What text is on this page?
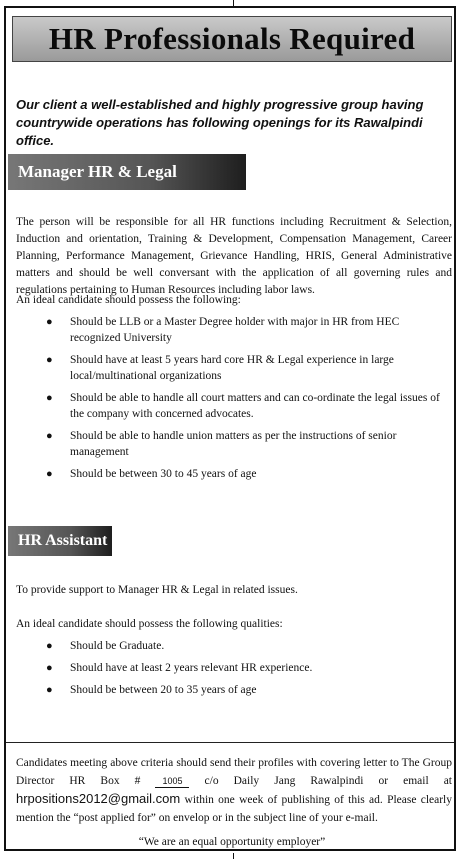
HR Professionals Required
Our client a well-established and highly progressive group having countrywide operations has following openings for its Rawalpindi office.
Manager HR & Legal
The person will be responsible for all HR functions including Recruitment & Selection, Induction and orientation, Training & Development, Compensation Management, Career Planning, Performance Management, Grievance Handling, HRIS, General Administrative matters and should be well conversant with the application of all governing rules and regulations pertaining to Human Resources including labor laws.
An ideal candidate should possess the following:
● Should be LLB or a Master Degree holder with major in HR from HEC recognized University
● Should have at least 5 years hard core HR & Legal experience in large local/multinational organizations
● Should be able to handle all court matters and can co-ordinate the legal issues of the company with concerned advocates.
● Should be able to handle union matters as per the instructions of senior management
● Should be between 30 to 45 years of age
HR Assistant
To provide support to Manager HR & Legal in related issues.
An ideal candidate should possess the following qualities:
● Should be Graduate.
● Should have at least 2 years relevant HR experience.
● Should be between 20 to 35 years of age
Candidates meeting above criteria should send their profiles with covering letter to The Group Director HR Box # 1005 c/o Daily Jang Rawalpindi or email at hrpositions2012@gmail.com within one week of publishing of this ad. Please clearly mention the “post applied for” on envelop or in the subject line of your e-mail.
“We are an equal opportunity employer”
